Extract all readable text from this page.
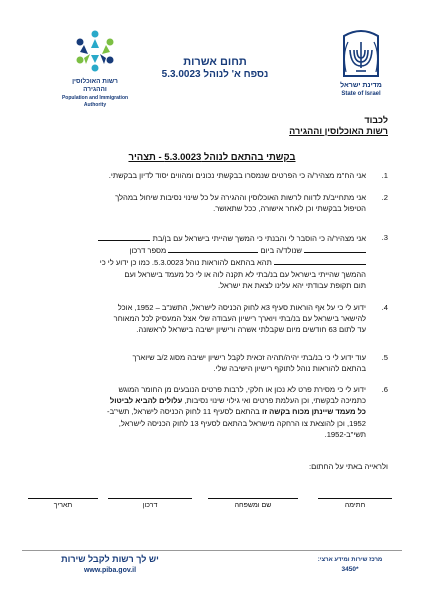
מדינת ישראל
State of Israel
תחום אשרות
נספח א' לנוהל 5.3.0023
רשות האוכלוסין
וההגירה
Population and Immigration
Authority
לכבוד
רשות האוכלוסין וההגירה
בקשתי בהתאם לנוהל 5.3.0023 - תצהיר
1.

אני הח"מ מצהיר/ה כי הפרטים שנמסרו בבקשתי נכונים ומהווים יסוד לדיון בבקשתי.

2.

אני מתחייב/ת לדווח לרשות האוכלוסין וההגירה על כל שינוי נסיבות שיחול במהלך

הטיפול בבקשתי וכן לאחר אישורה, ככל שתאושר.

3.

אני מצהיר/ה כי הוסבר לי והבנתי כי המשך שהייתי בישראל עם בן/בת

שנולד/ה ביום  מספר דרכון

תהא בהתאם להוראות נוהל 5.3.0023. כמו כן ידוע לי כי

ההמשך שהייתי בישראל עם בנ/בתי לא תקנה לוה או לי כל מעמד בישראל ועם

תום תקופת עבודתי יהא עלינו לצאת את ישראל.

4.

ידוע לי כי על אף הוראות סעיף 3א לחוק הכניסה לישראל, התשנ"ב – 1952, אוכל

להישאר בישראל עם בנ/בתי ויוארך רישיון העבודה שלי אצל המעסיק לכל המאוחר

עד לתום 63 חודשים מיום שקבלתי אשרה ורישיון ישיבה בישראל לראשונה.

5.

עוד ידוע לי כי בנ/בתי יהיה/תהיה זכאית לקבל רישיון ישיבה מסוג 2/ב שיוארך

בהתאם להוראות נוהל לתוקף רישיון הישיבה שלי.

6.

ידוע לי כי מסירת פרט לא נכון או חלקי, לרבות פרטים הנובעים מן החומר המוגש

כתמיכה לבקשתי, וכן העלמת פרטים ואי גילוי שינוי נסיבות, עלולים להביא לביטול

כל מעמד שיינתן מכוח בקשה זו בהתאם לסעיף 11 לחוק הכניסה לישראל, תשי"ב-

1952, וכן להוצאת צו הרחקה מישראל בהתאם לסעיף 13 לחוק הכניסה לישראל,

תשי"ב-1952.

ולראייה באתי על החתום:
חתימה
שם ומשפחה
דרכון
תאריך
יש לך רשות לקבל שירות
www.piba.gov.il
מרכז שירות ומידע ארצי:
*3450
